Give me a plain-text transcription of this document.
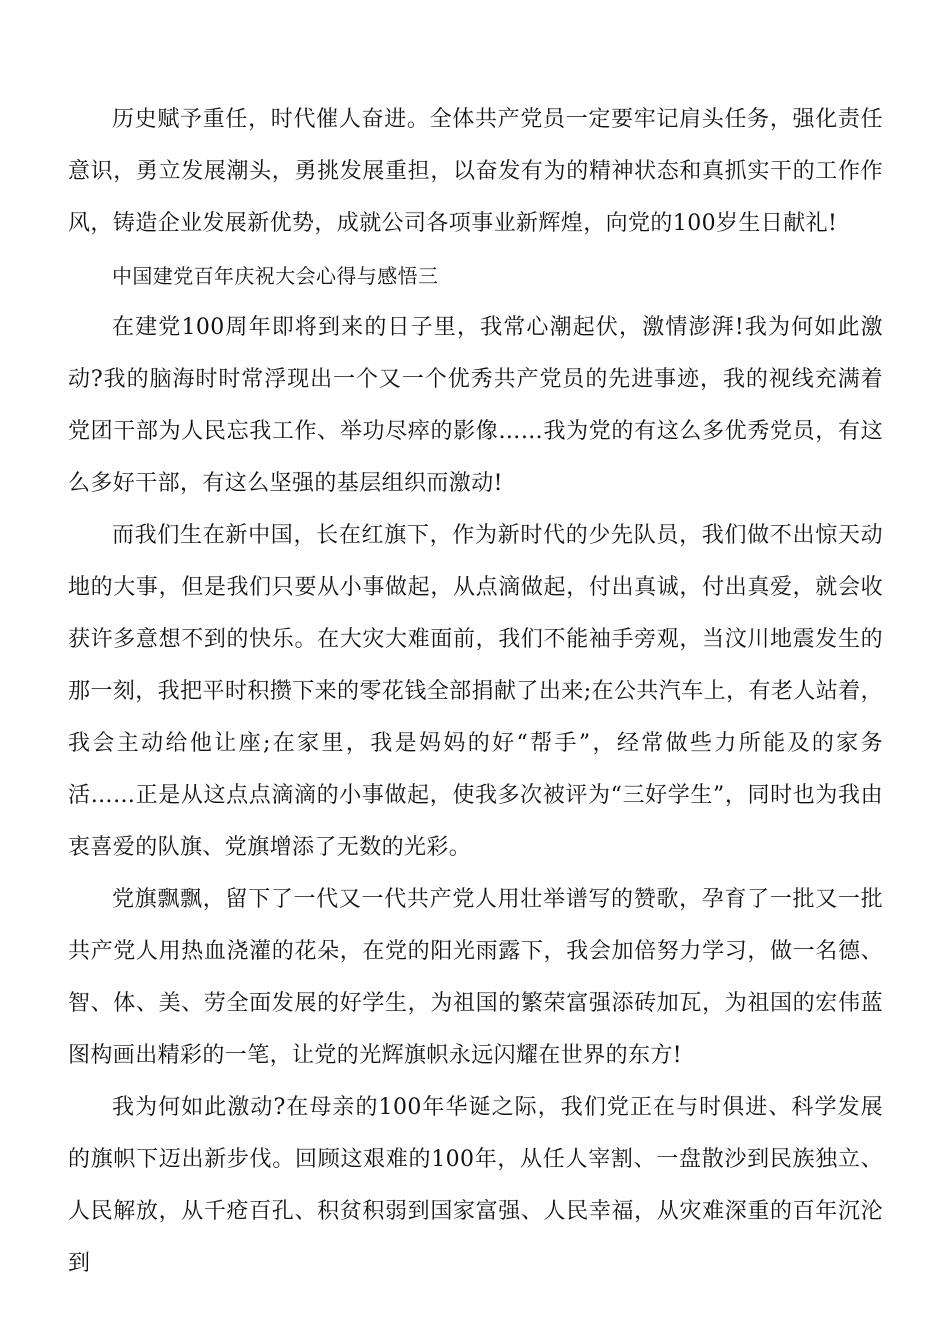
历史赋予重任，时代催人奋进。全体共产党员一定要牢记肩头任务，强化责任意识，勇立发展潮头，勇挑发展重担，以奋发有为的精神状态和真抓实干的工作作风，铸造企业发展新优势，成就公司各项事业新辉煌，向党的100岁生日献礼!

中国建党百年庆祝大会心得与感悟三

在建党100周年即将到来的日子里，我常心潮起伏，激情澎湃!我为何如此激动?我的脑海时时常浮现出一个又一个优秀共产党员的先进事迹，我的视线充满着党团干部为人民忘我工作、举功尽瘁的影像……我为党的有这么多优秀党员，有这么多好干部，有这么坚强的基层组织而激动!

而我们生在新中国，长在红旗下，作为新时代的少先队员，我们做不出惊天动地的大事，但是我们只要从小事做起，从点滴做起，付出真诚，付出真爱，就会收获许多意想不到的快乐。在大灾大难面前，我们不能袖手旁观，当汶川地震发生的那一刻，我把平时积攒下来的零花钱全部捐献了出来;在公共汽车上，有老人站着，我会主动给他让座;在家里，我是妈妈的好“帮手”，经常做些力所能及的家务活……正是从这点点滴滴的小事做起，使我多次被评为“三好学生”，同时也为我由衷喜爱的队旗、党旗增添了无数的光彩。

党旗飘飘，留下了一代又一代共产党人用壮举谱写的赞歌，孕育了一批又一批共产党人用热血浇灌的花朵，在党的阳光雨露下，我会加倍努力学习，做一名德、智、体、美、劳全面发展的好学生，为祖国的繁荣富强添砖加瓦，为祖国的宏伟蓝图构画出精彩的一笔，让党的光辉旗帜永远闪耀在世界的东方!

我为何如此激动?在母亲的100年华诞之际，我们党正在与时俱进、科学发展的旗帜下迈出新步伐。回顾这艰难的100年，从任人宰割、一盘散沙到民族独立、人民解放，从千疮百孔、积贫积弱到国家富强、人民幸福，从灾难深重的百年沉沦到
